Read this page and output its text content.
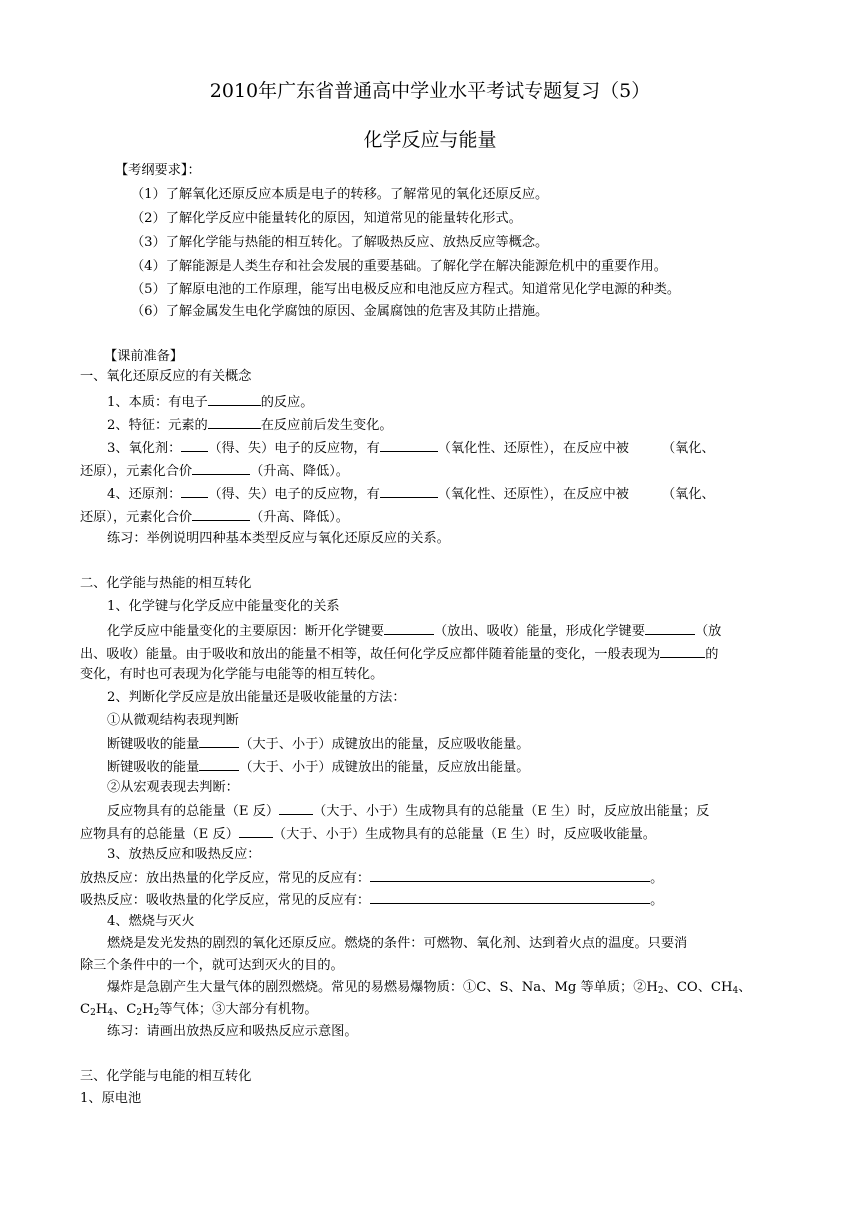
2010年广东省普通高中学业水平考试专题复习（5）
化学反应与能量
【考纲要求】：
（1）了解氧化还原反应本质是电子的转移。了解常见的氧化还原反应。
（2）了解化学反应中能量转化的原因，知道常见的能量转化形式。
（3）了解化学能与热能的相互转化。了解吸热反应、放热反应等概念。
（4）了解能源是人类生存和社会发展的重要基础。了解化学在解决能源危机中的重要作用。
（5）了解原电池的工作原理，能写出电极反应和电池反应方程式。知道常见化学电源的种类。
（6）了解金属发生电化学腐蚀的原因、金属腐蚀的危害及其防止措施。
【课前准备】
一、氧化还原反应的有关概念
1、本质：有电子	的反应。
2、特征：元素的	在反应前后发生变化。
3、氧化剂： （得、失）电子的反应物，有	（氧化性、还原性），在反应中被	（氧化、
还原），元素化合价	（升高、降低）。
4、还原剂： （得、失）电子的反应物，有	（氧化性、还原性），在反应中被	（氧化、
还原），元素化合价	（升高、降低）。
练习：举例说明四种基本类型反应与氧化还原反应的关系。
二、化学能与热能的相互转化
1、化学键与化学反应中能量变化的关系
化学反应中能量变化的主要原因：断开化学键要	（放出、吸收）能量，形成化学键要	（放
出、吸收）能量。由于吸收和放出的能量不相等，故任何化学反应都伴随着能量的变化，一般表现为	的
变化，有时也可表现为化学能与电能等的相互转化。
2、判断化学反应是放出能量还是吸收能量的方法：
①从微观结构表现判断
断键吸收的能量	（大于、小于）成键放出的能量，反应吸收能量。
断键吸收的能量	（大于、小于）成键放出的能量，反应放出能量。
②从宏观表现去判断：
反应物具有的总能量（E 反）	（大于、小于）生成物具有的总能量（E 生）时，反应放出能量；反
应物具有的总能量（E 反）	（大于、小于）生成物具有的总能量（E 生）时，反应吸收能量。
3、放热反应和吸热反应：
放热反应：放出热量的化学反应，常见的反应有：	。
吸热反应：吸收热量的化学反应，常见的反应有：	。
4、燃烧与灭火
燃烧是发光发热的剧烈的氧化还原反应。燃烧的条件：可燃物、氧化剂、达到着火点的温度。只要消
除三个条件中的一个，就可达到灭火的目的。
爆炸是急剧产生大量气体的剧烈燃烧。常见的易燃易爆物质：①C、S、Na、Mg 等单质；$②H_2$、CO、$CH_4$、
$C_2H_4$、$C_2H_2$等气体；③大部分有机物。
练习：请画出放热反应和吸热反应示意图。
三、化学能与电能的相互转化
1、原电池
